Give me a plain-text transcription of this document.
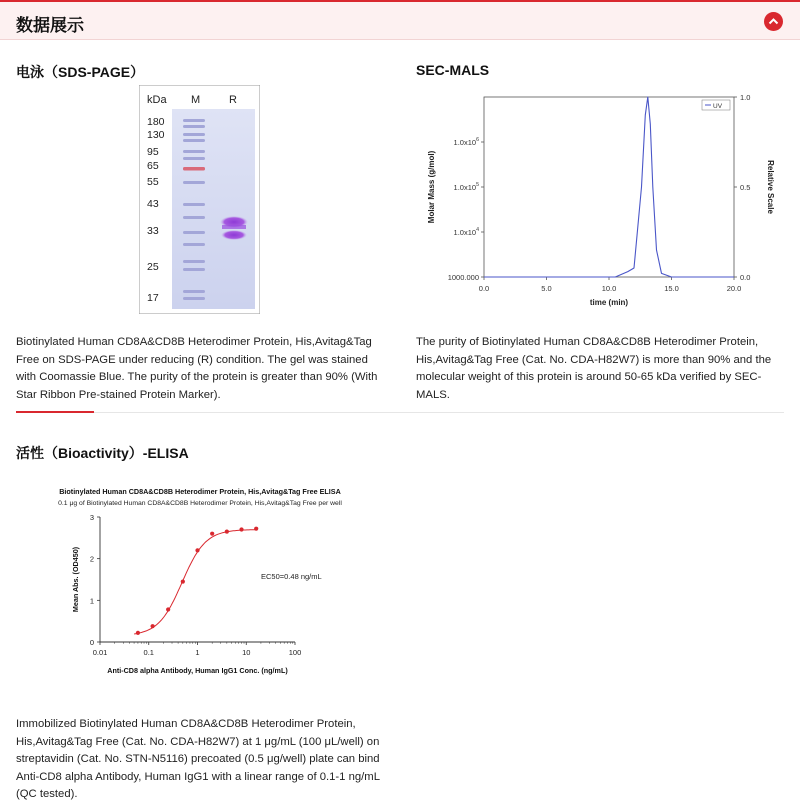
数据展示
电泳（SDS-PAGE）
kDa M	R
180
130
95
65
55
43
33
25
17

Biotinylated Human CD8A&CD8B Heterodimer Protein, His,Avitag&Tag

Free on SDS-PAGE under reducing (R) condition. The gel was stained

with Coomassie Blue. The purity of the protein is greater than 90% (With

Star Ribbon Pre-stained Protein Marker).

SEC-MALS
0.0	5.0	10.0	15.0	20.0
1000.000
$1.0x10^4$
$1.0x10^5$
$1.0x10^6$
0.0
0.5
1.0
time (min)
Molar Mass (g/mol)	Relative Scale
UV

The purity of Biotinylated Human CD8A&CD8B Heterodimer Protein,

His,Avitag&Tag Free (Cat. No. CDA-H82W7) is more than 90% and the

molecular weight of this protein is around 50-65 kDa verified by SEC-

MALS.

活性（Bioactivity）-ELISA
Biotinylated Human CD8A&CD8B Heterodimer Protein, His,Avitag&Tag Free ELISA
0.1 μg of Biotinylated Human CD8A&CD8B Heterodimer Protein, His,Avitag&Tag Free per well
0
1
2
3
0.01	0.1	1	10	100
Anti-CD8 alpha Antibody, Human IgG1 Conc. (ng/mL)
Mean Abs. (OD450)	EC50=0.48 ng/mL

Immobilized Biotinylated Human CD8A&CD8B Heterodimer Protein,

His,Avitag&Tag Free (Cat. No. CDA-H82W7) at 1 μg/mL (100 μL/well) on

streptavidin (Cat. No. STN-N5116) precoated (0.5 μg/well) plate can bind

Anti-CD8 alpha Antibody, Human IgG1 with a linear range of 0.1-1 ng/mL

(QC tested).
